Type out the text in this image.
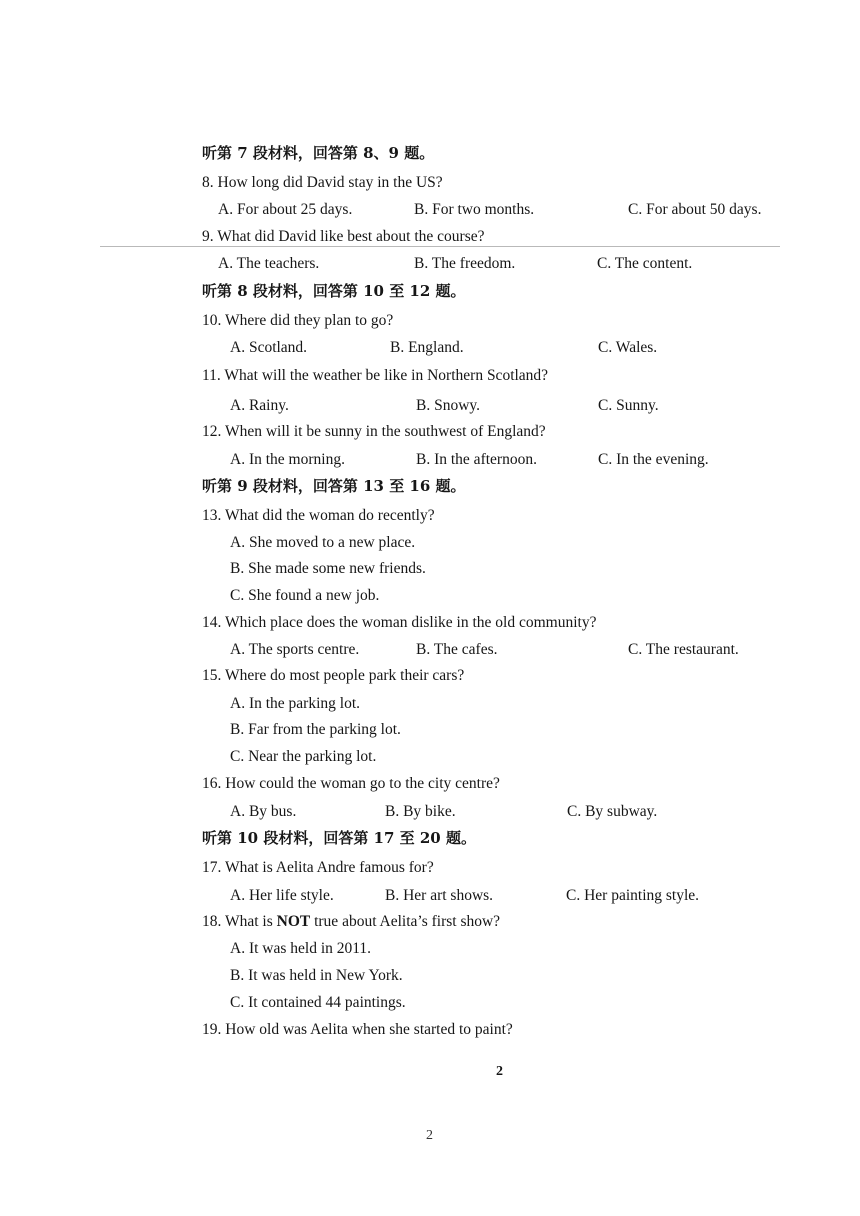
听第 7 段材料，回答第 8、9 题。
8. How long did David stay in the US?
A. For about 25 days.	B. For two months.	C. For about 50 days.
9. What did David like best about the course?
A. The teachers.	B. The freedom.	C. The content.
听第 8 段材料，回答第 10 至 12 题。
10. Where did they plan to go?
A. Scotland.	B. England.	C. Wales.
11. What will the weather be like in Northern Scotland?
A. Rainy.	B. Snowy.	C. Sunny.
12. When will it be sunny in the southwest of England?
A. In the morning.	B. In the afternoon.	C. In the evening.
听第 9 段材料，回答第 13 至 16 题。
13. What did the woman do recently?
A. She moved to a new place.
B. She made some new friends.
C. She found a new job.
14. Which place does the woman dislike in the old community?
A. The sports centre.	B. The cafes.	C. The restaurant.
15. Where do most people park their cars?
A. In the parking lot.
B. Far from the parking lot.
C. Near the parking lot.
16. How could the woman go to the city centre?
A. By bus.	B. By bike.	C. By subway.
听第 10 段材料，回答第 17 至 20 题。
17. What is Aelita Andre famous for?
A. Her life style.	B. Her art shows.	C. Her painting style.
18. What is NOT true about Aelita’s first show?
A. It was held in 2011.
B. It was held in New York.
C. It contained 44 paintings.
19. How old was Aelita when she started to paint?
2
2
